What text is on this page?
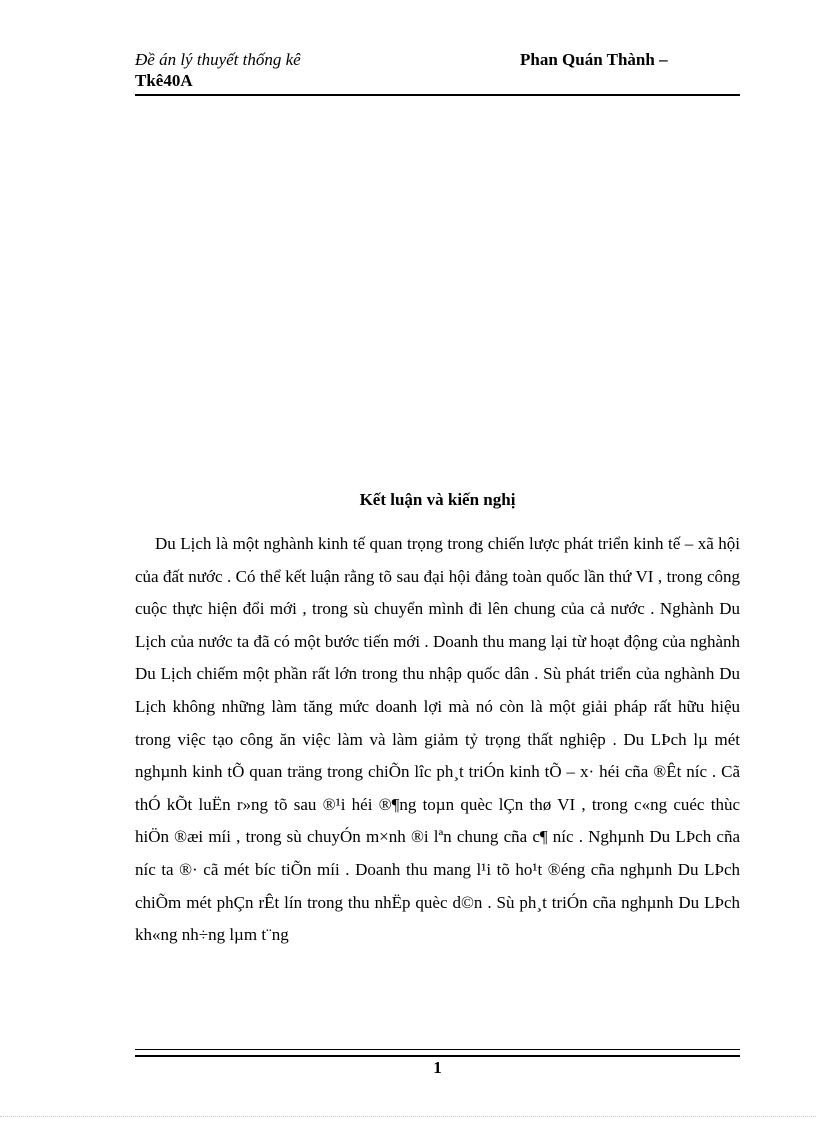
Đề án lý thuyết thống kê	Phan Quán Thành –
Tkê40A
Kết luận và kiến nghị

Du Lịch là một nghành kinh tế quan trọng trong chiến lược phát triển kinh tế – xã hội của đất nước . Có thể kết luận rằng tõ sau đại hội đảng toàn quốc lần thứ VI , trong công cuộc thực hiện đổi mới , trong sù chuyển mình đi lên chung của cả nước . Nghành Du Lịch của nước ta đã có một bước tiến mới . Doanh thu mang lại từ hoạt động của nghành Du Lịch chiếm một phần rất lớn trong thu nhập quốc dân . Sù phát triển của nghành Du Lịch không những làm tăng mức doanh lợi mà nó còn là một giải pháp rất hữu hiệu trong việc tạo công ăn việc làm và làm giảm tỷ trọng thất nghiệp . Du LÞch lµ mét nghµnh kinh tÕ quan träng trong chiÕn lîc ph¸t triÓn kinh tÕ – x· héi cña ®Êt níc . Cã thÓ kÕt luËn r»ng tõ sau ®¹i héi ®¶ng toµn quèc lÇn thø VI , trong c«ng cuéc thùc hiÖn ®æi míi , trong sù chuyÓn m×nh ®i lªn chung cña c¶ níc . Nghµnh Du LÞch cña níc ta ®· cã mét bíc tiÕn míi . Doanh thu mang l¹i tõ ho¹t ®éng cña nghµnh Du LÞch chiÕm mét phÇn rÊt lín trong thu nhËp quèc d©n . Sù ph¸t triÓn cña nghµnh Du LÞch kh«ng nh÷ng lµm t¨ng

1
